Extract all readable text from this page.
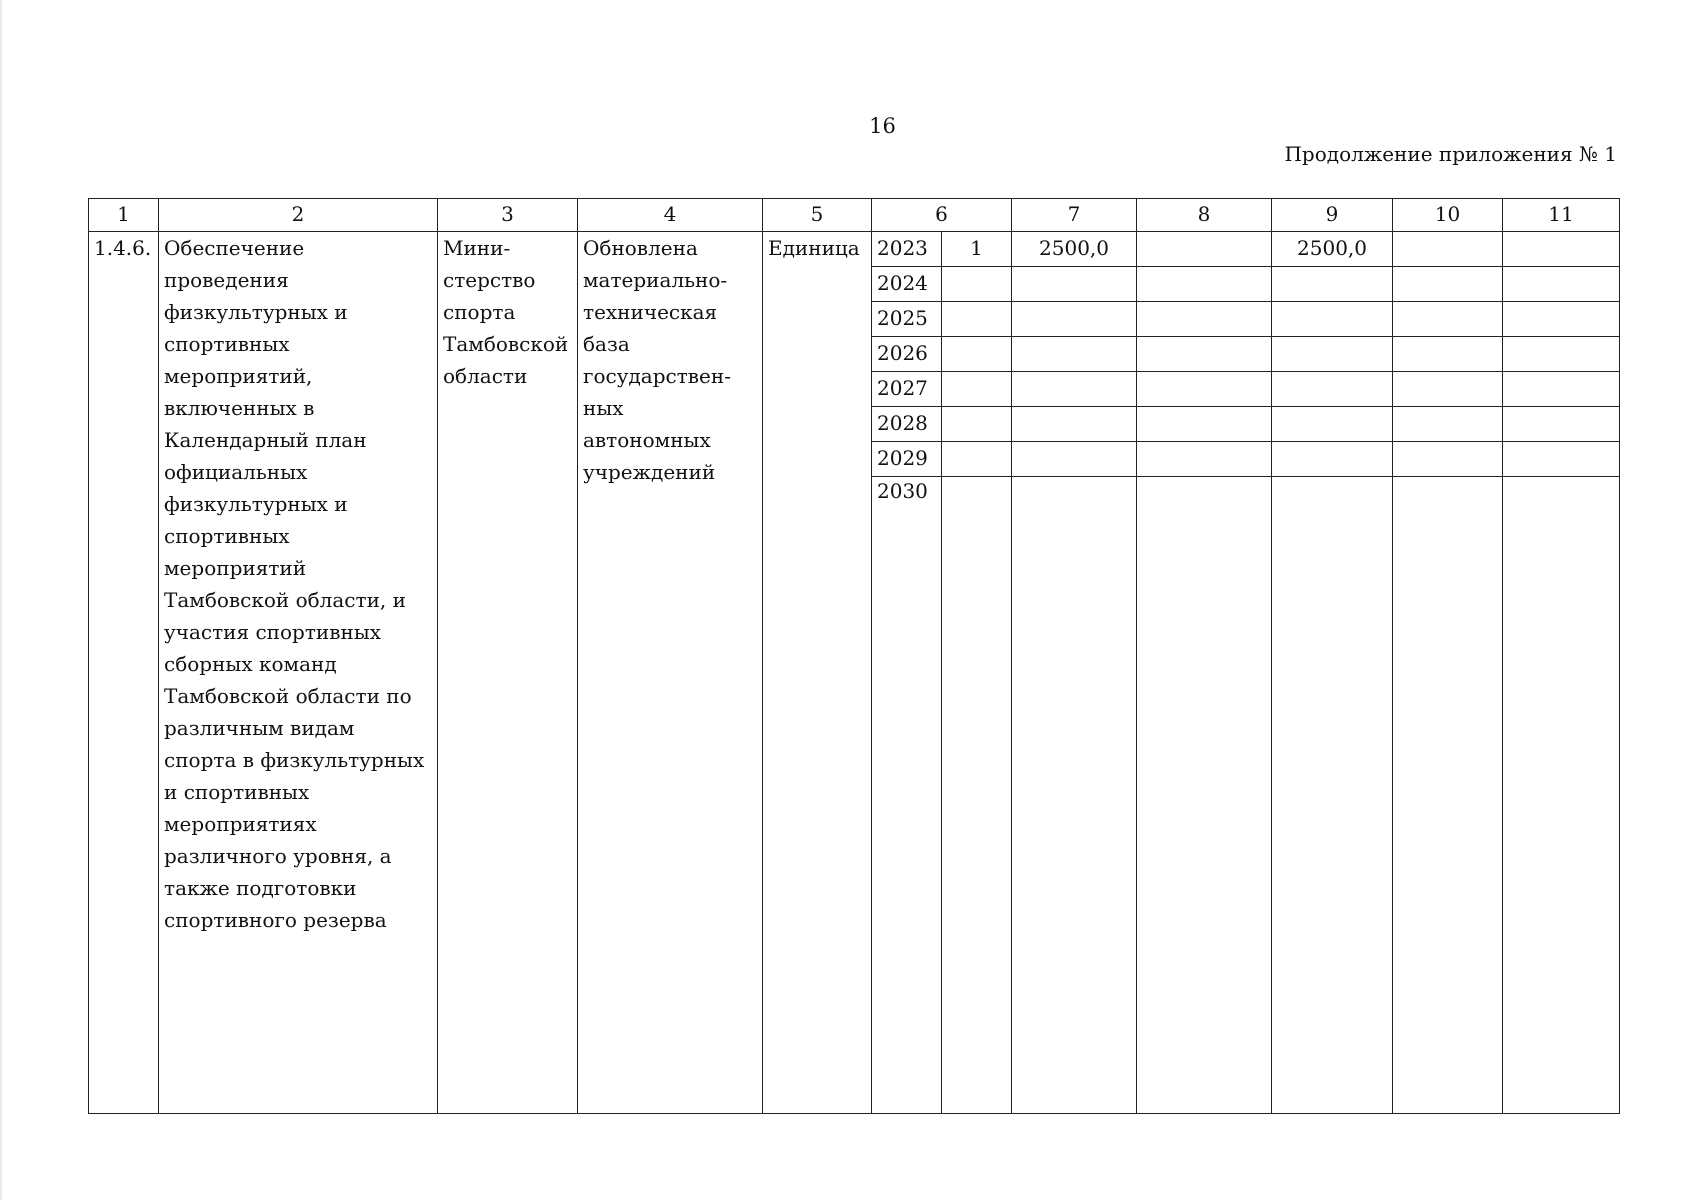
16
Продолжение приложения № 1
1	2	3	4	5	6		7	8	9	10	11
1.4.6.	Обеспечение проведения физкультурных и спортивных мероприятий, включенных в Календарный план официальных физкультурных и спортивных мероприятий Тамбовской области, и участия спортивных сборных команд Тамбовской области по различным видам спорта в физкультурных и спортивных мероприятиях различного уровня, а также подготовки спортивного резерва	Мини-стерство спорта Тамбовской области	Обновлена материально-техническая база государствен-ных автономных учреждений	Единица	2023	1	2500,0		2500,0		
					2024						
					2025						
					2026						
					2027						
					2028						
					2029						
					2030						
